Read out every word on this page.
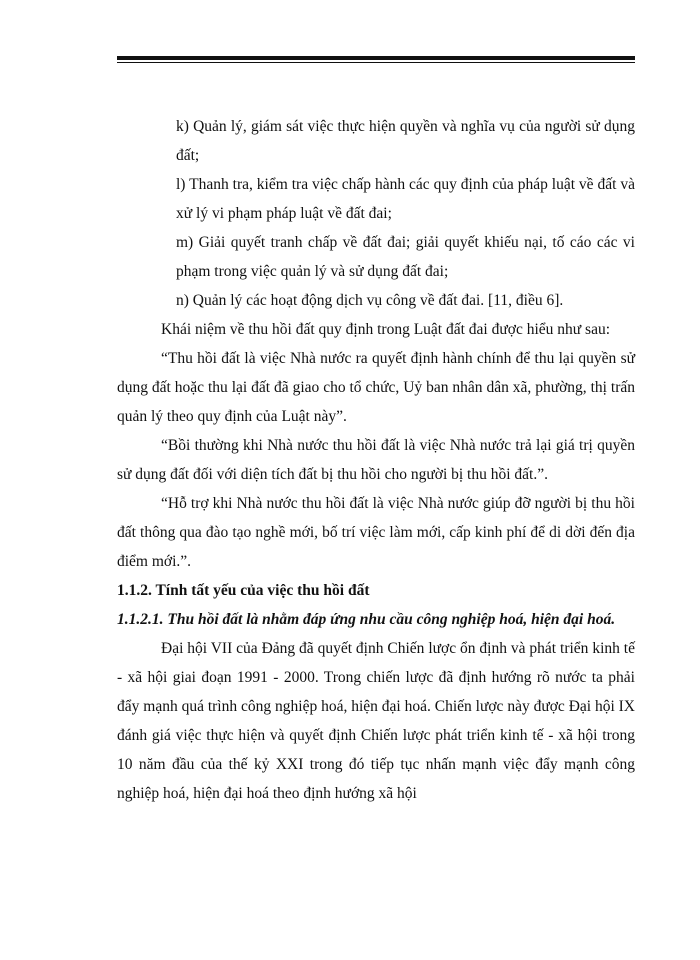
k) Quản lý, giám sát việc thực hiện quyền và nghĩa vụ của người sử dụng đất;

l) Thanh tra, kiểm tra việc chấp hành các quy định của pháp luật về đất và xử lý vi phạm pháp luật về đất đai;

m) Giải quyết tranh chấp về đất đai; giải quyết khiếu nại, tố cáo các vi phạm trong việc quản lý và sử dụng đất đai;

n) Quản lý các hoạt động dịch vụ công về đất đai. [11, điều 6].

Khái niệm về thu hồi đất quy định trong Luật đất đai được hiểu như sau:

“Thu hồi đất là việc Nhà nước ra quyết định hành chính để thu lại quyền sử dụng đất hoặc thu lại đất đã giao cho tổ chức, Uỷ ban nhân dân xã, phường, thị trấn quản lý theo quy định của Luật này”.

“Bồi thường khi Nhà nước thu hồi đất là việc Nhà nước trả lại giá trị quyền sử dụng đất đối với diện tích đất bị thu hồi cho người bị thu hồi đất.”.

“Hỗ trợ khi Nhà nước thu hồi đất là việc Nhà nước giúp đỡ người bị thu hồi đất thông qua đào tạo nghề mới, bố trí việc làm mới, cấp kinh phí để di dời đến địa điểm mới.”.

1.1.2. Tính tất yếu của việc thu hồi đất

1.1.2.1. Thu hồi đất là nhằm đáp ứng nhu cầu công nghiệp hoá, hiện đại hoá.

Đại hội VII của Đảng đã quyết định Chiến lược ổn định và phát triển kinh tế - xã hội giai đoạn 1991 - 2000. Trong chiến lược đã định hướng rõ nước ta phải đẩy mạnh quá trình công nghiệp hoá, hiện đại hoá. Chiến lược này được Đại hội IX đánh giá việc thực hiện và quyết định Chiến lược phát triển kinh tế - xã hội trong 10 năm đầu của thế kỷ XXI trong đó tiếp tục nhấn mạnh việc đẩy mạnh công nghiệp hoá, hiện đại hoá theo định hướng xã hội
